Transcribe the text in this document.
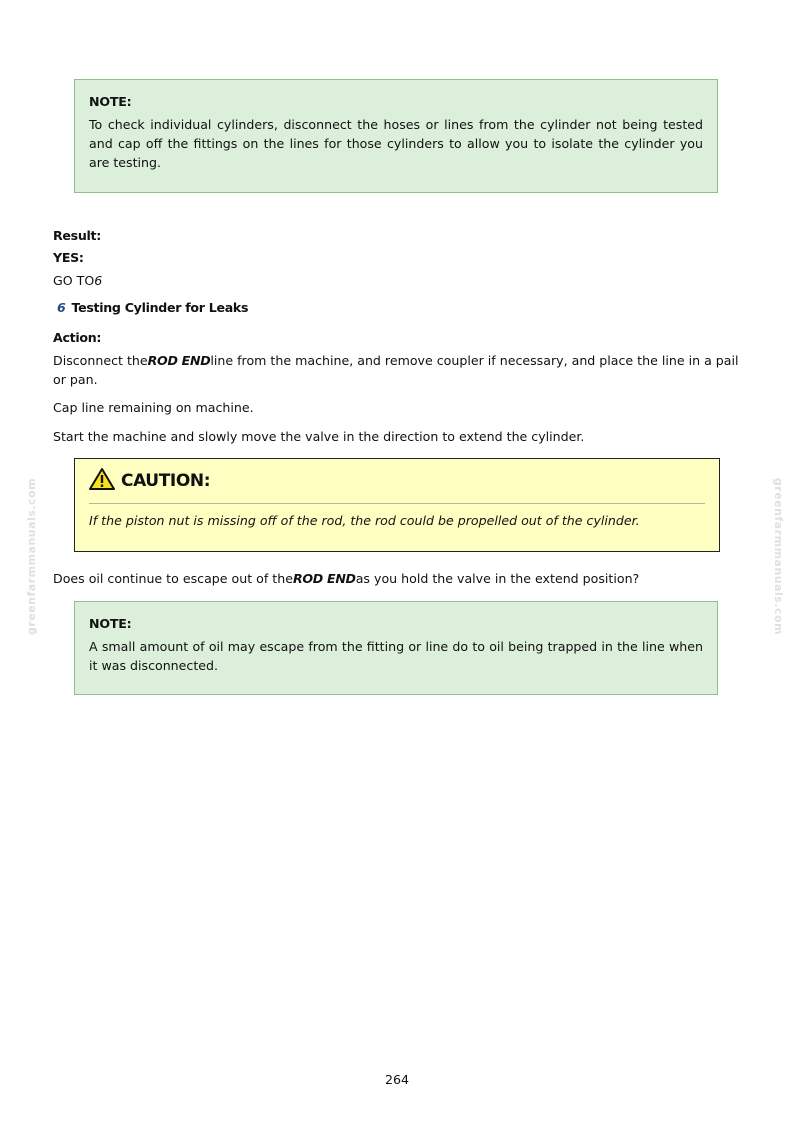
NOTE:
To check individual cylinders, disconnect the hoses or lines from the cylinder not being tested and cap off the fittings on the lines for those cylinders to allow you to isolate the cylinder you are testing.
Result:
YES:
GO TO6
6 Testing Cylinder for Leaks
Action:
Disconnect theROD ENDline from the machine, and remove coupler if necessary, and place the line in a pail or pan.
Cap line remaining on machine.
Start the machine and slowly move the valve in the direction to extend the cylinder.
CAUTION:
If the piston nut is missing off of the rod, the rod could be propelled out of the cylinder.
Does oil continue to escape out of theROD ENDas you hold the valve in the extend position?
NOTE:
A small amount of oil may escape from the fitting or line do to oil being trapped in the line when it was disconnected.
greenfarmmanuals.com	greenfarmmanuals.com
264
